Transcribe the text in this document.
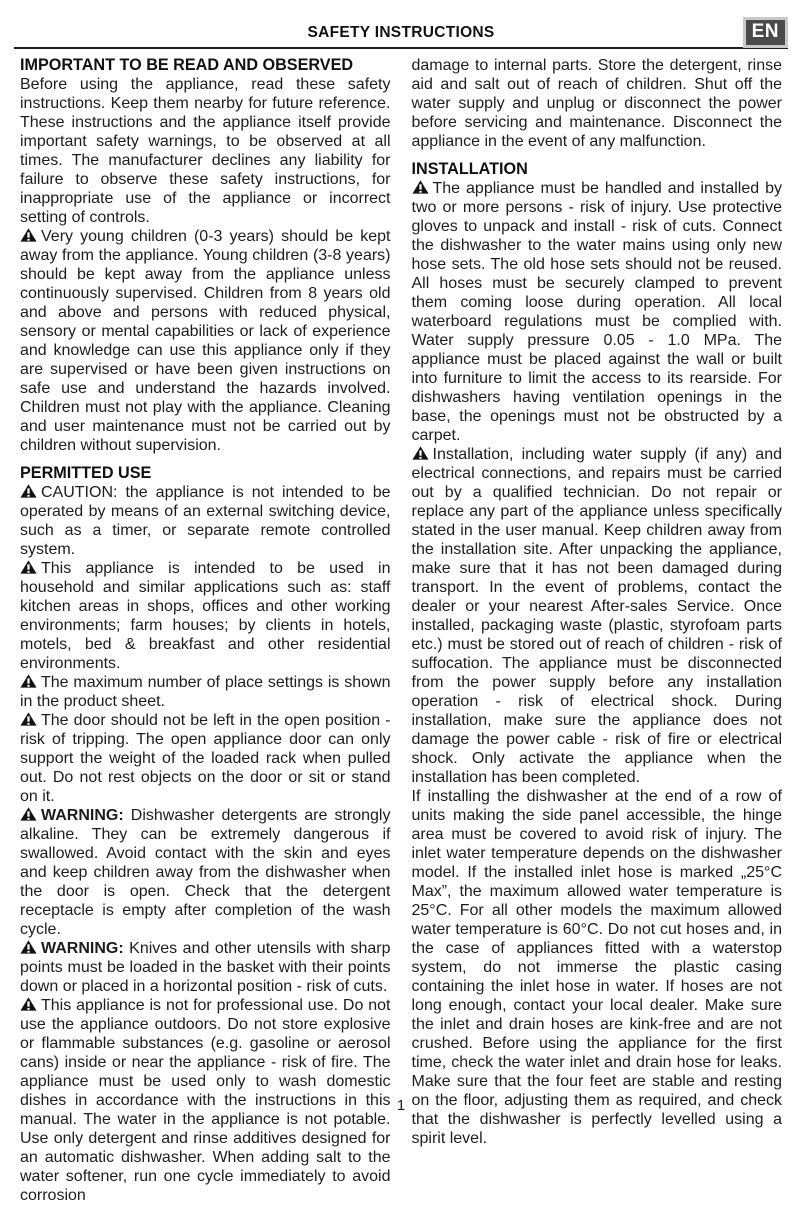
SAFETY INSTRUCTIONS	EN
IMPORTANT TO BE READ AND OBSERVED

Before using the appliance, read these safety instructions. Keep them nearby for future reference. These instructions and the appliance itself provide important safety warnings, to be observed at all times. The manufacturer declines any liability for failure to observe these safety instructions, for inappropriate use of the appliance or incorrect setting of controls.

Very young children (0-3 years) should be kept away from the appliance. Young children (3-8 years) should be kept away from the appliance unless continuously supervised. Children from 8 years old and above and persons with reduced physical, sensory or mental capabilities or lack of experience and knowledge can use this appliance only if they are supervised or have been given instructions on safe use and understand the hazards involved. Children must not play with the appliance. Cleaning and user maintenance must not be carried out by children without supervision.

PERMITTED USE

CAUTION: the appliance is not intended to be operated by means of an external switching device, such as a timer, or separate remote controlled system.

This appliance is intended to be used in household and similar applications such as: staff kitchen areas in shops, offices and other working environments; farm houses; by clients in hotels, motels, bed & breakfast and other residential environments.

The maximum number of place settings is shown in the product sheet.

The door should not be left in the open position - risk of tripping. The open appliance door can only support the weight of the loaded rack when pulled out. Do not rest objects on the door or sit or stand on it.

WARNING: Dishwasher detergents are strongly alkaline. They can be extremely dangerous if swallowed. Avoid contact with the skin and eyes and keep children away from the dishwasher when the door is open. Check that the detergent receptacle is empty after completion of the wash cycle.

WARNING: Knives and other utensils with sharp points must be loaded in the basket with their points down or placed in a horizontal position - risk of cuts.

This appliance is not for professional use. Do not use the appliance outdoors. Do not store explosive or flammable substances (e.g. gasoline or aerosol cans) inside or near the appliance - risk of fire. The appliance must be used only to wash domestic dishes in accordance with the instructions in this manual. The water in the appliance is not potable. Use only detergent and rinse additives designed for an automatic dishwasher. When adding salt to the water softener, run one cycle immediately to avoid corrosion

damage to internal parts. Store the detergent, rinse aid and salt out of reach of children. Shut off the water supply and unplug or disconnect the power before servicing and maintenance. Disconnect the appliance in the event of any malfunction.

INSTALLATION

The appliance must be handled and installed by two or more persons - risk of injury. Use protective gloves to unpack and install - risk of cuts. Connect the dishwasher to the water mains using only new hose sets. The old hose sets should not be reused. All hoses must be securely clamped to prevent them coming loose during operation. All local waterboard regulations must be complied with. Water supply pressure 0.05 - 1.0 MPa. The appliance must be placed against the wall or built into furniture to limit the access to its rearside. For dishwashers having ventilation openings in the base, the openings must not be obstructed by a carpet.

Installation, including water supply (if any) and electrical connections, and repairs must be carried out by a qualified technician. Do not repair or replace any part of the appliance unless specifically stated in the user manual. Keep children away from the installation site. After unpacking the appliance, make sure that it has not been damaged during transport. In the event of problems, contact the dealer or your nearest After-sales Service. Once installed, packaging waste (plastic, styrofoam parts etc.) must be stored out of reach of children - risk of suffocation. The appliance must be disconnected from the power supply before any installation operation - risk of electrical shock. During installation, make sure the appliance does not damage the power cable - risk of fire or electrical shock. Only activate the appliance when the installation has been completed.

If installing the dishwasher at the end of a row of units making the side panel accessible, the hinge area must be covered to avoid risk of injury. The inlet water temperature depends on the dishwasher model. If the installed inlet hose is marked „25°C Max”, the maximum allowed water temperature is 25°C. For all other models the maximum allowed water temperature is 60°C. Do not cut hoses and, in the case of appliances fitted with a waterstop system, do not immerse the plastic casing containing the inlet hose in water. If hoses are not long enough, contact your local dealer. Make sure the inlet and drain hoses are kink-free and are not crushed. Before using the appliance for the first time, check the water inlet and drain hose for leaks. Make sure that the four feet are stable and resting on the floor, adjusting them as required, and check that the dishwasher is perfectly levelled using a spirit level.

1
